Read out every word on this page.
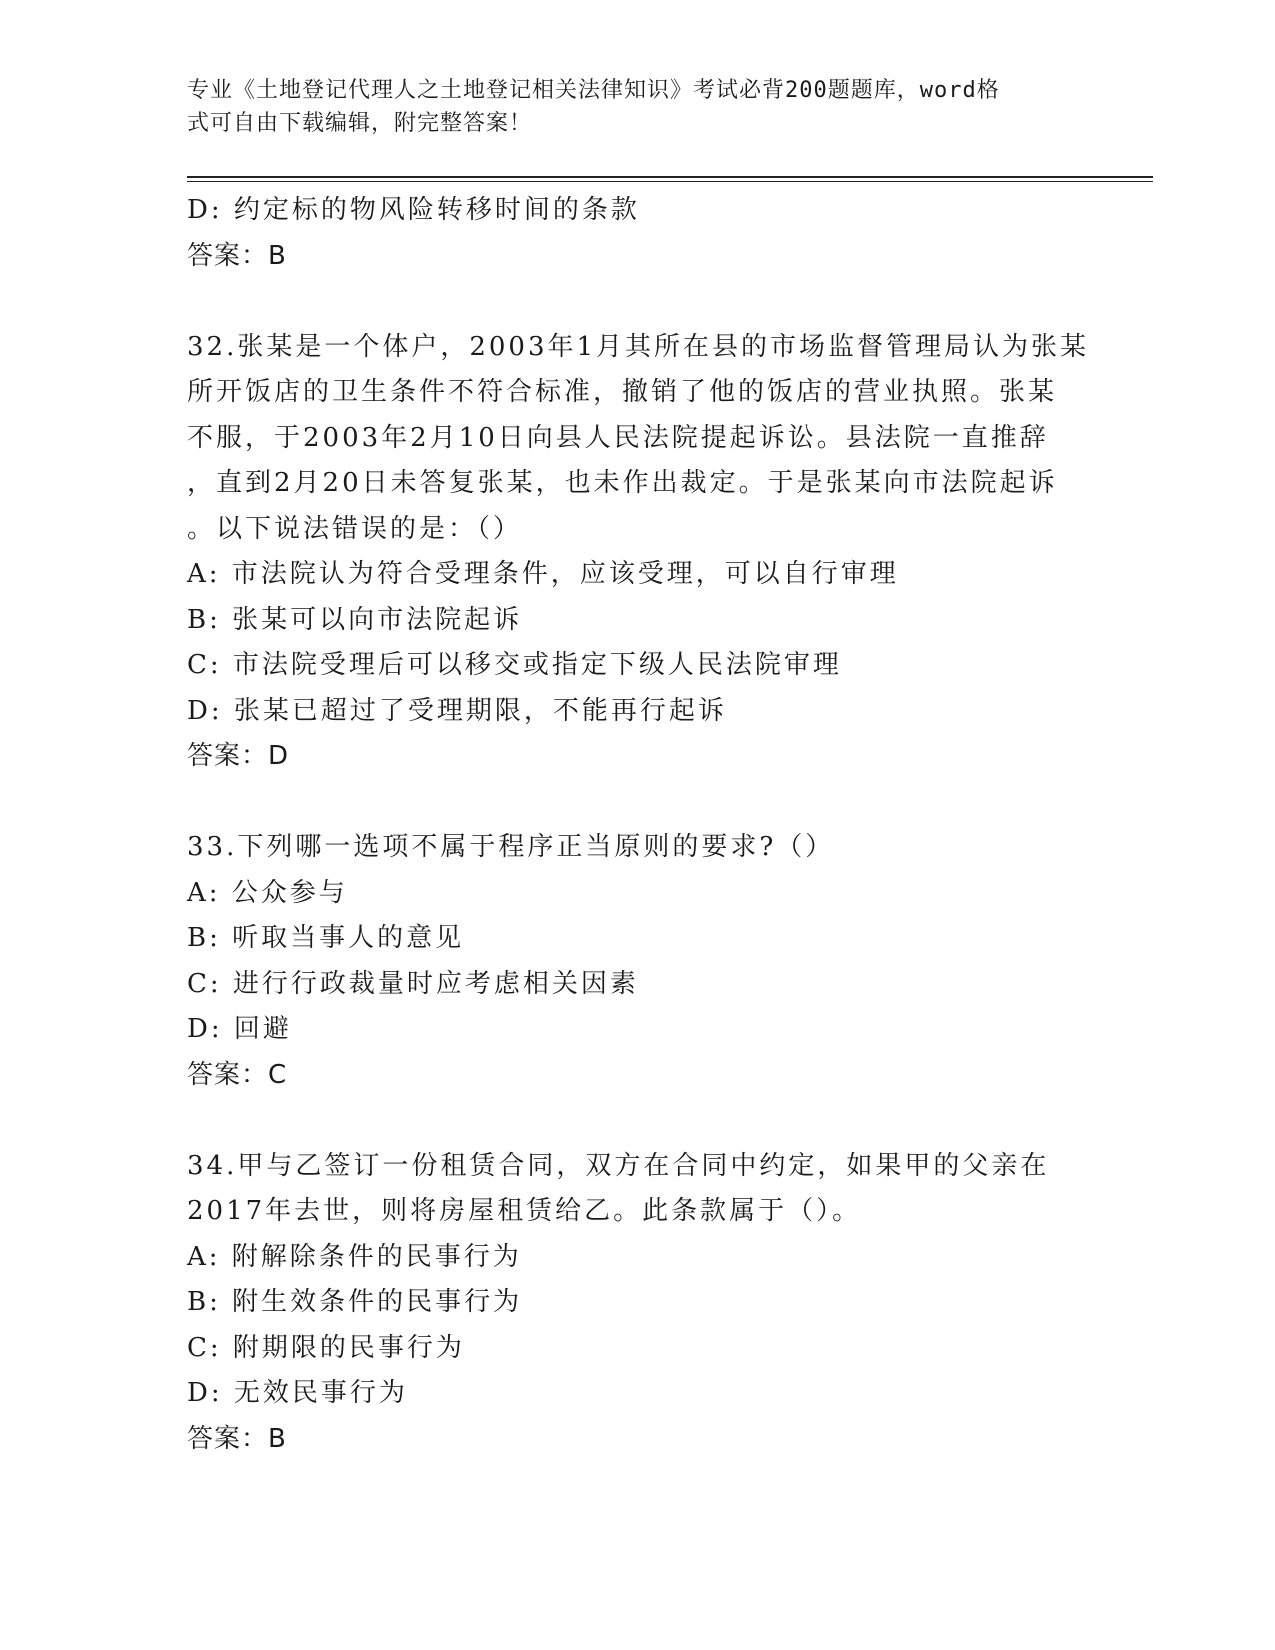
专业《土地登记代理人之土地登记相关法律知识》考试必背200题题库，word格
式可自由下载编辑，附完整答案！
D: 约定标的物风险转移时间的条款
答案：B
32.张某是一个体户，2003年1月其所在县的市场监督管理局认为张某
所开饭店的卫生条件不符合标准，撤销了他的饭店的营业执照。张某
不服，于2003年2月10日向县人民法院提起诉讼。县法院一直推辞
，直到2月20日未答复张某，也未作出裁定。于是张某向市法院起诉
。以下说法错误的是：（）
A: 市法院认为符合受理条件，应该受理，可以自行审理
B: 张某可以向市法院起诉
C: 市法院受理后可以移交或指定下级人民法院审理
D: 张某已超过了受理期限，不能再行起诉
答案：D
33.下列哪一选项不属于程序正当原则的要求?（）
A: 公众参与
B: 听取当事人的意见
C: 进行行政裁量时应考虑相关因素
D: 回避
答案：C
34.甲与乙签订一份租赁合同，双方在合同中约定，如果甲的父亲在
2017年去世，则将房屋租赁给乙。此条款属于（）。
A: 附解除条件的民事行为
B: 附生效条件的民事行为
C: 附期限的民事行为
D: 无效民事行为
答案：B
